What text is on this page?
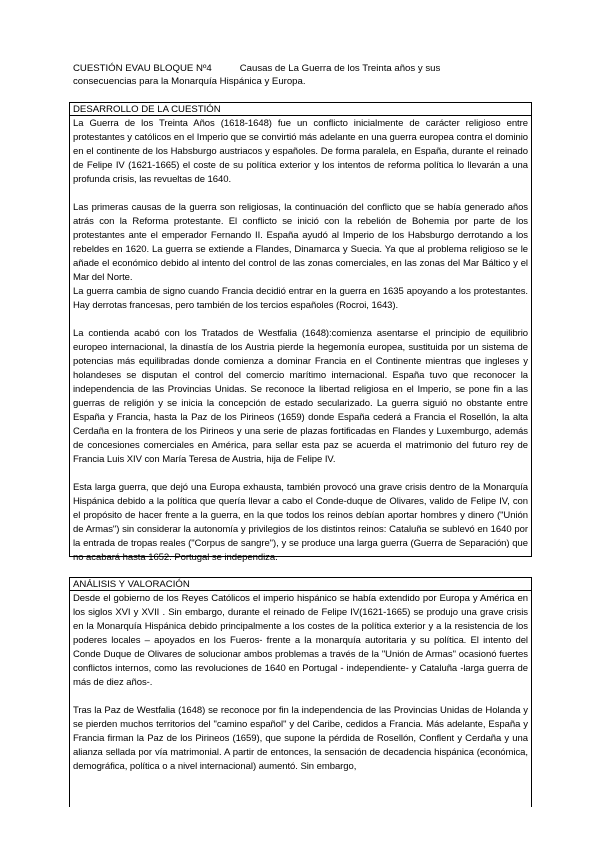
CUESTIÓN EVAU BLOQUE Nº4	Causas de La Guerra de los Treinta años y sus
consecuencias para la Monarquía Hispánica y Europa.
DESARROLLO DE LA CUESTIÓN

La Guerra de los Treinta Años (1618-1648) fue un conflicto inicialmente de carácter religioso entre protestantes y católicos en el Imperio que se convirtió más adelante en una guerra europea contra el dominio en el continente de los Habsburgo austriacos y españoles. De forma paralela, en España, durante el reinado de Felipe IV (1621-1665) el coste de su política exterior y los intentos de reforma política lo llevarán a una profunda crisis, las revueltas de 1640.

Las primeras causas de la guerra son religiosas, la continuación del conflicto que se había generado años atrás con la Reforma protestante. El conflicto se inició con la rebelión de Bohemia por parte de los protestantes ante el emperador Fernando II. España ayudó al Imperio de los Habsburgo derrotando a los rebeldes en 1620. La guerra se extiende a Flandes, Dinamarca y Suecia. Ya que al problema religioso se le añade el económico debido al intento del control de las zonas comerciales, en las zonas del Mar Báltico y el Mar del Norte.

La guerra cambia de signo cuando Francia decidió entrar en la guerra en 1635 apoyando a los protestantes. Hay derrotas francesas, pero también de los tercios españoles (Rocroi, 1643).

La contienda acabó con los Tratados de Westfalia (1648):comienza asentarse el principio de equilibrio europeo internacional, la dinastía de los Austria pierde la hegemonía europea, sustituida por un sistema de potencias más equilibradas donde comienza a dominar Francia en el Continente mientras que ingleses y holandeses se disputan el control del comercio marítimo internacional. España tuvo que reconocer la independencia de las Provincias Unidas. Se reconoce la libertad religiosa en el Imperio, se pone fin a las guerras de religión y se inicia la concepción de estado secularizado. La guerra siguió no obstante entre España y Francia, hasta la Paz de los Pirineos (1659) donde España cederá a Francia el Rosellón, la alta Cerdaña en la frontera de los Pirineos y una serie de plazas fortificadas en Flandes y Luxemburgo, además de concesiones comerciales en América, para sellar esta paz se acuerda el matrimonio del futuro rey de Francia Luis XIV con María Teresa de Austria, hija de Felipe IV.

Esta larga guerra, que dejó una Europa exhausta, también provocó una grave crisis dentro de la Monarquía Hispánica debido a la política que quería llevar a cabo el Conde-duque de Olivares, valido de Felipe IV, con el propósito de hacer frente a la guerra, en la que todos los reinos debían aportar hombres y dinero ("Unión de Armas") sin considerar la autonomía y privilegios de los distintos reinos: Cataluña se sublevó en 1640 por la entrada de tropas reales ("Corpus de sangre"), y se produce una larga guerra (Guerra de Separación) que no acabará hasta 1652. Portugal se independiza.

ANÁLISIS Y VALORACIÓN

Desde el gobierno de los Reyes Católicos el imperio hispánico se había extendido por Europa y América en los siglos XVI y XVII . Sin embargo, durante el reinado de Felipe IV(1621-1665) se produjo una grave crisis en la Monarquía Hispánica debido principalmente a los costes de la política exterior y a la resistencia de los poderes locales – apoyados en los Fueros- frente a la monarquía autoritaria y su política. El intento del Conde Duque de Olivares de solucionar ambos problemas a través de la "Unión de Armas" ocasionó fuertes conflictos internos, como las revoluciones de 1640 en Portugal - independiente- y Cataluña -larga guerra de más de diez años-.

Tras la Paz de Westfalia (1648) se reconoce por fin la independencia de las Provincias Unidas de Holanda y se pierden muchos territorios del "camino español" y del Caribe, cedidos a Francia. Más adelante, España y Francia firman la Paz de los Pirineos (1659), que supone la pérdida de Rosellón, Conflent y Cerdaña y una alianza sellada por vía matrimonial. A partir de entonces, la sensación de decadencia hispánica (económica, demográfica, política o a nivel internacional) aumentó. Sin embargo,
